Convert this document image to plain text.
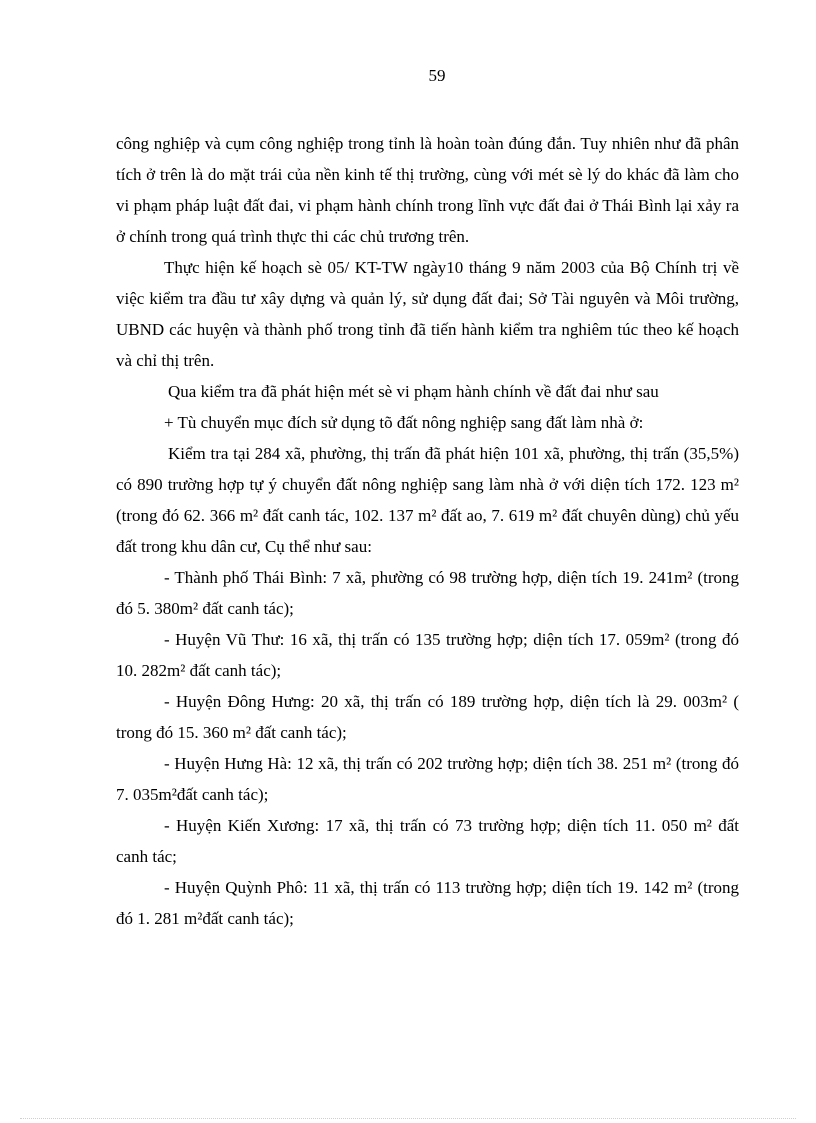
59

công nghiệp và cụm công nghiệp trong tỉnh là hoàn toàn đúng đắn. Tuy nhiên như đã phân tích ở trên là do mặt trái của nền kinh tế thị trường, cùng với mét sè lý do khác đã làm cho vi phạm pháp luật đất đai, vi phạm hành chính trong lĩnh vực đất đai ở Thái Bình lại xảy ra ở chính trong quá trình thực thi các chủ trương trên.

Thực hiện kế hoạch sè 05/ KT-TW ngày10 tháng 9 năm 2003 của Bộ Chính trị về việc kiểm tra đầu tư xây dựng và quản lý, sử dụng đất đai; Sở Tài nguyên và Môi trường, UBND các huyện và thành phố trong tỉnh đã tiến hành kiểm tra nghiêm túc theo kế hoạch và chỉ thị trên.

Qua kiểm tra đã phát hiện mét sè vi phạm hành chính về đất đai như sau

+ Tù chuyển mục đích sử dụng tõ đất nông nghiệp sang đất làm nhà ở:

Kiểm tra tại 284 xã, phường, thị trấn đã phát hiện 101 xã, phường, thị trấn (35,5%) có 890 trường hợp tự ý chuyển đất nông nghiệp sang làm nhà ở với diện tích 172. 123 m² (trong đó 62. 366 m² đất canh tác, 102. 137 m² đất ao, 7. 619 m² đất chuyên dùng) chủ yếu đất trong khu dân cư, Cụ thể như sau:

- Thành phố Thái Bình: 7 xã, phường có 98 trường hợp, diện tích 19. 241m² (trong đó 5. 380m² đất canh tác);

- Huyện Vũ Thư: 16 xã, thị trấn có 135 trường hợp; diện tích 17. 059m² (trong đó 10. 282m² đất canh tác);

- Huyện Đông Hưng: 20 xã, thị trấn có 189 trường hợp, diện tích là 29. 003m² ( trong đó 15. 360 m² đất canh tác);

- Huyện Hưng Hà: 12 xã, thị trấn có 202 trường hợp; diện tích 38. 251 m² (trong đó 7. 035m²đất canh tác);

- Huyện Kiến Xương: 17 xã, thị trấn có 73 trường hợp; diện tích 11. 050 m² đất canh tác;

- Huyện Quỳnh Phô: 11 xã, thị trấn có 113 trường hợp; diện tích 19. 142 m² (trong đó 1. 281 m²đất canh tác);
